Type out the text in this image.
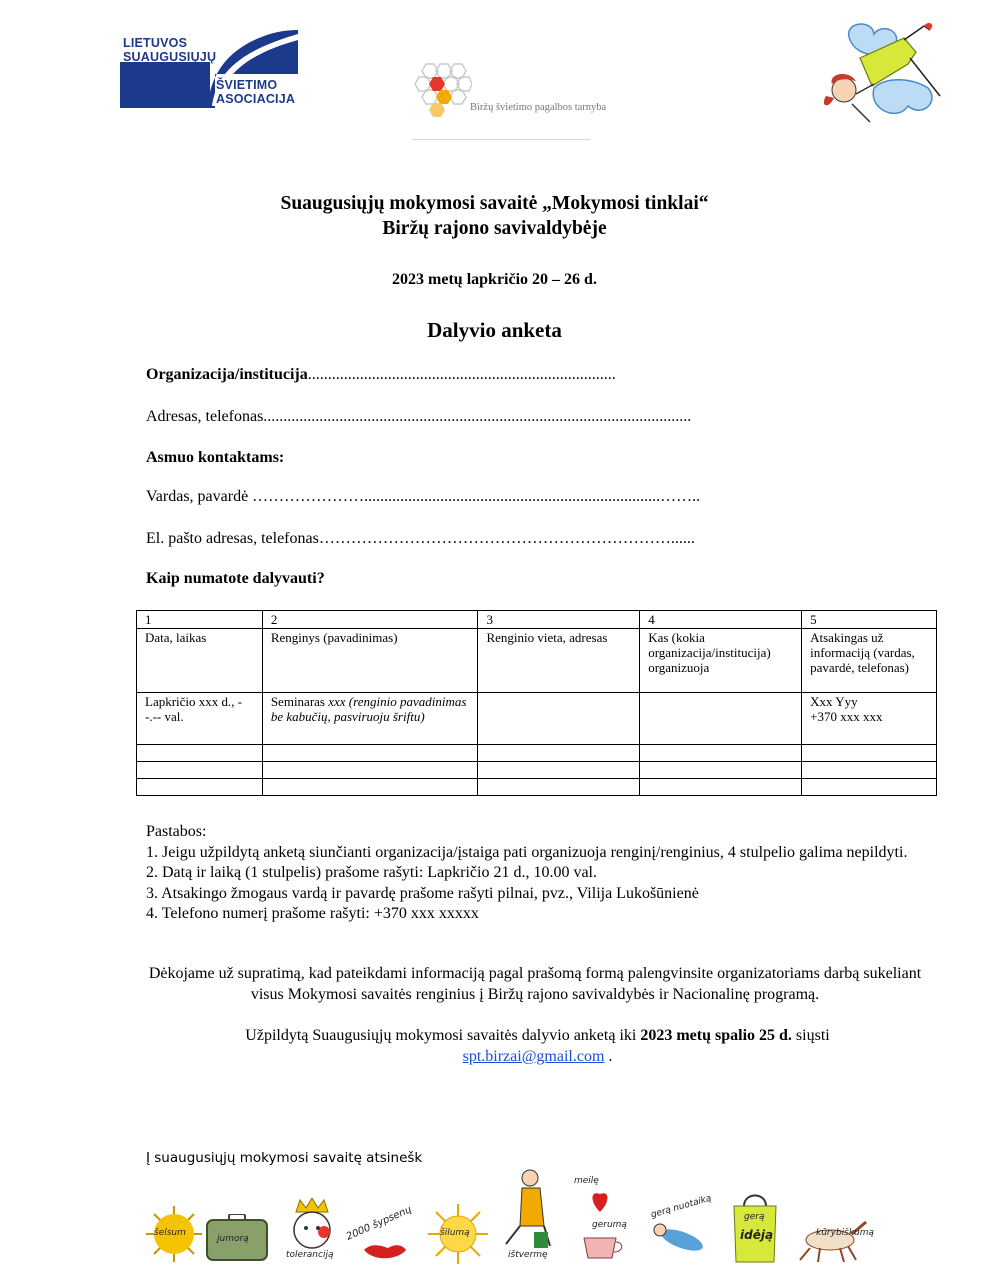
LIETUVOS
SUAUGUSIŲJŲ
ŠVIETIMO
ASOCIACIJA
Biržų švietimo pagalbos tarnyba
Suaugusiųjų mokymosi savaitė „Mokymosi tinklai“
Biržų rajono savivaldybėje
2023 metų lapkričio 20 – 26 d.
Dalyvio anketa
Organizacija/institucija.............................................................................
Adresas, telefonas...........................................................................................................
Asmuo kontaktams:
Vardas, pavardė …………………..........................................................................……..
El. pašto adresas, telefonas…………………………………………………………......
Kaip numatote dalyvauti?
1	2	3	4	5
Data, laikas	Renginys (pavadinimas)	Renginio vieta, adresas	Kas (kokia organizacija/institucija) organizuoja	Atsakingas už informaciją (vardas, pavardė, telefonas)
Lapkričio xxx d., --.-- val.	Seminaras xxx (renginio pavadinimas be kabučių, pasviruoju šriftu)			Xxx Yyy
+370 xxx xxx

Pastabos:
1. Jeigu užpildytą anketą siunčianti organizacija/įstaiga pati organizuoja renginį/renginius, 4 stulpelio galima nepildyti.
2. Datą ir laiką (1 stulpelis) prašome rašyti: Lapkričio 21 d., 10.00 val.
3. Atsakingo žmogaus vardą ir pavardę prašome rašyti pilnai, pvz., Vilija Lukošūnienė
4. Telefono numerį prašome rašyti: +370 xxx xxxxx
Dėkojame už supratimą, kad pateikdami informaciją pagal prašomą formą palengvinsite organizatoriams darbą sukeliant visus Mokymosi savaitės renginius į Biržų rajono savivaldybės ir Nacionalinę programą.
Užpildytą Suaugusiųjų mokymosi savaitės dalyvio anketą iki 2023 metų spalio 25 d. siųsti
spt.birzai@gmail.com .
Į suaugusiųjų mokymosi savaitę atsinešk
šelsum
jumorą
toleranciją
2000 šypsenų	šilumą
ištvermę
meilę
gerumą
gerą nuotaiką	gerą
idėją	kūrybiškumą
